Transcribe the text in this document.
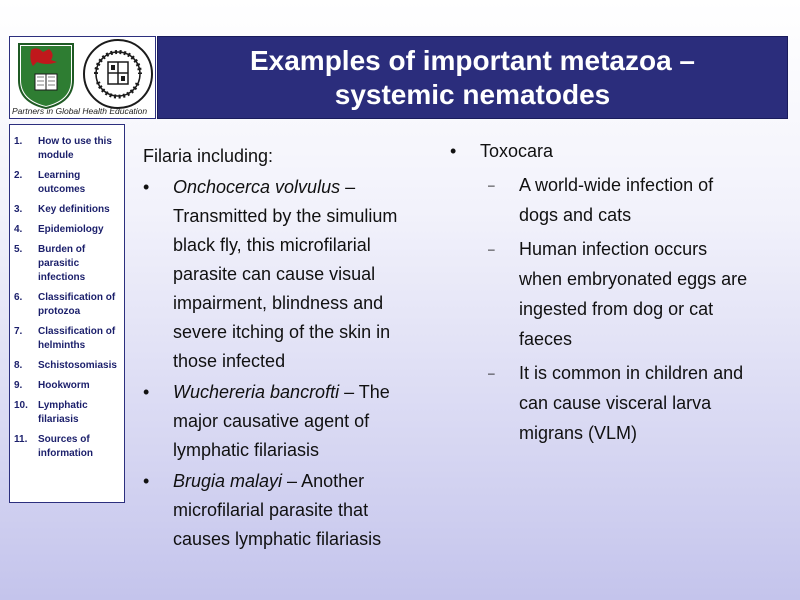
Partners in Global Health Education
Examples of important metazoa –
systemic nematodes
1.	How to use this module
2.	Learning outcomes
3.	Key definitions
4.	Epidemiology
5.	Burden of parasitic infections
6.	Classification of protozoa
7.	Classification of helminths
8.	Schistosomiasis
9.	Hookworm
10.	Lymphatic filariasis
11.	Sources of information
Filaria including:
•	Onchocerca volvulus – Transmitted by the simulium black fly, this microfilarial parasite can cause visual impairment, blindness and severe itching of the skin in those infected
•	Wuchereria bancrofti – The major causative agent of lymphatic filariasis
•	Brugia malayi – Another microfilarial parasite that causes lymphatic filariasis
•	Toxocara
–	A world-wide infection of dogs and cats
–	Human infection occurs when embryonated eggs are ingested from dog or cat faeces
–	It is common in children and can cause visceral larva migrans (VLM)
